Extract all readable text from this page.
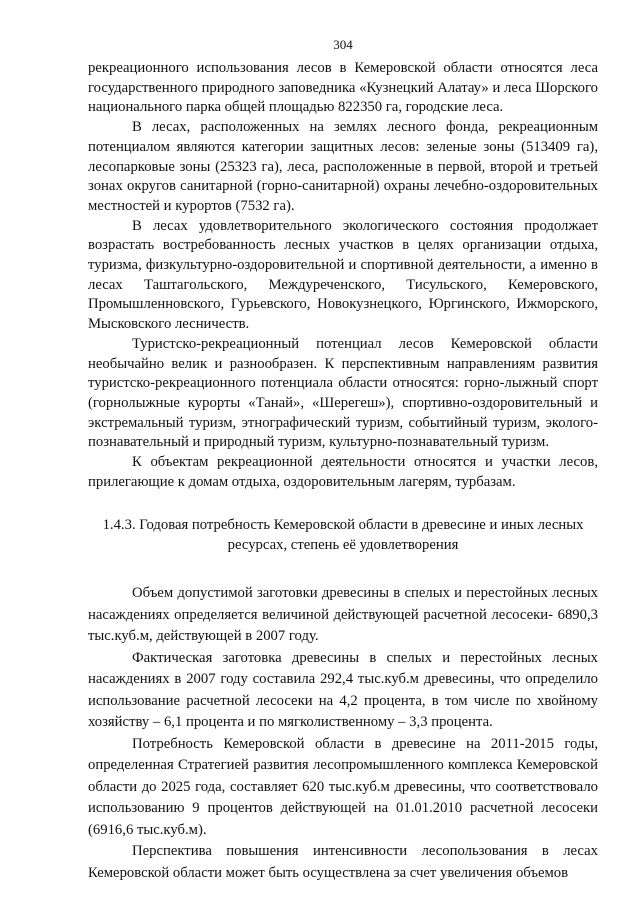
304

рекреационного использования лесов в Кемеровской области относятся леса государственного природного заповедника «Кузнецкий Алатау» и леса Шорского национального парка общей площадью 822350 га, городские леса.

В лесах, расположенных на землях лесного фонда, рекреационным потенциалом являются категории защитных лесов: зеленые зоны (513409 га), лесопарковые зоны (25323 га), леса, расположенные в первой, второй и третьей зонах округов санитарной (горно-санитарной) охраны лечебно-оздоровительных местностей и курортов (7532 га).

В лесах удовлетворительного экологического состояния продолжает возрастать востребованность лесных участков в целях организации отдыха, туризма, физкультурно-оздоровительной и спортивной деятельности, а именно в лесах Таштагольского, Междуреченского, Тисульского, Кемеровского, Промышленновского, Гурьевского, Новокузнецкого, Юргинского, Ижморского, Мысковского лесничеств.

Туристско-рекреационный потенциал лесов Кемеровской области необычайно велик и разнообразен. К перспективным направлениям развития туристско-рекреационного потенциала области относятся: горно-лыжный спорт (горнолыжные курорты «Танай», «Шерегеш»), спортивно-оздоровительный и экстремальный туризм, этнографический туризм, событийный туризм, эколого-познавательный и природный туризм, культурно-познавательный туризм.

К объектам рекреационной деятельности относятся и участки лесов, прилегающие к домам отдыха, оздоровительным лагерям, турбазам.

1.4.3. Годовая потребность Кемеровской области в древесине и иных лесных ресурсах, степень её удовлетворения

Объем допустимой заготовки древесины в спелых и перестойных лесных насаждениях определяется величиной действующей расчетной лесосеки- 6890,3 тыс.куб.м, действующей в 2007 году.

Фактическая заготовка древесины в спелых и перестойных лесных насаждениях в 2007 году составила 292,4 тыс.куб.м древесины, что определило использование расчетной лесосеки на 4,2 процента, в том числе по хвойному хозяйству – 6,1 процента и по мягколиственному – 3,3 процента.

Потребность Кемеровской области в древесине на 2011-2015 годы, определенная Стратегией развития лесопромышленного комплекса Кемеровской области до 2025 года, составляет 620 тыс.куб.м древесины, что соответствовало использованию 9 процентов действующей на 01.01.2010 расчетной лесосеки (6916,6 тыс.куб.м).

Перспектива повышения интенсивности лесопользования в лесах Кемеровской области может быть осуществлена за счет увеличения объемов
